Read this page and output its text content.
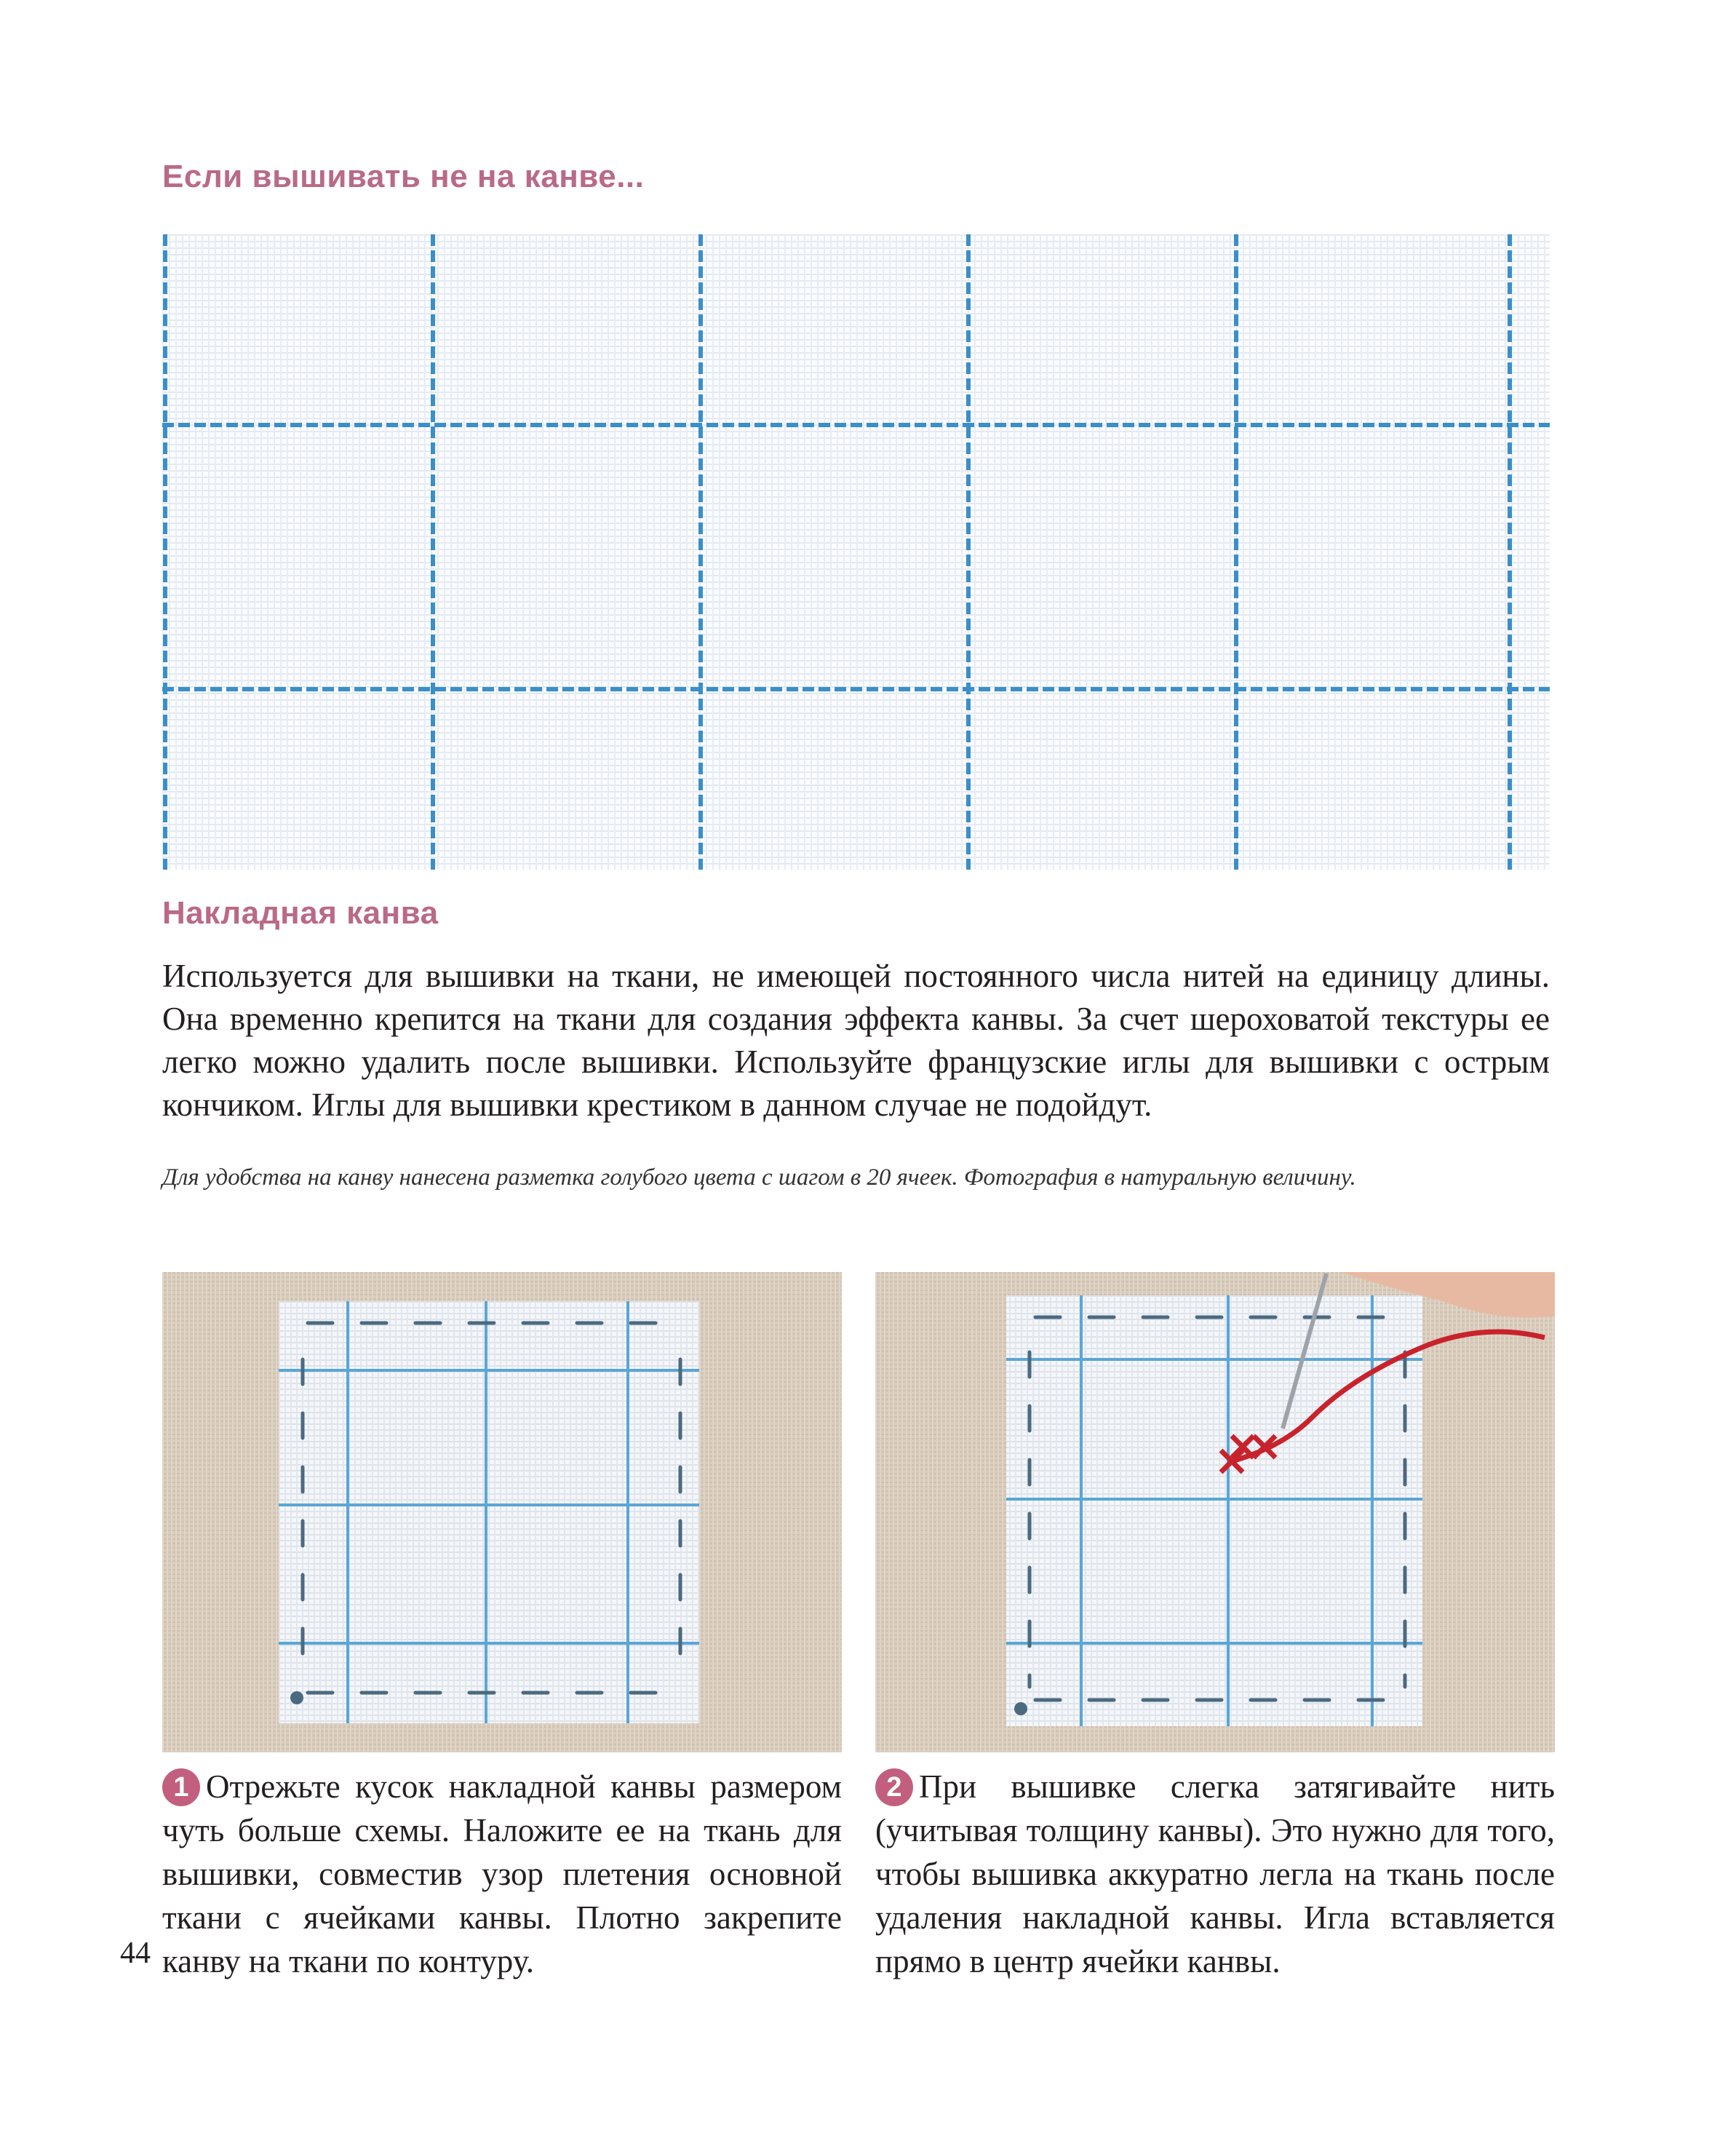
Если вышивать не на канве...
Накладная канва
Используется для вышивки на ткани, не имеющей постоянного числа нитей на единицу длины. Она временно крепится на ткани для создания эффекта канвы. За счет шероховатой текстуры ее легко можно удалить после вышивки. Используйте французские иглы для вышивки с острым кончиком. Иглы для вышивки крестиком в данном случае не подойдут.
Для удобства на канву нанесена разметка голубого цвета с шагом в 20 ячеек. Фотография в натуральную величину.
1 Отрежьте кусок накладной канвы размером чуть больше схемы. Наложите ее на ткань для вышивки, совместив узор плетения основной ткани с ячейками канвы. Плотно закрепите канву на ткани по контуру.
2 При вышивке слегка затягивайте нить (учитывая толщину канвы). Это нужно для того, чтобы вышивка аккуратно легла на ткань после удаления накладной канвы. Игла вставляется прямо в центр ячейки канвы.
44
